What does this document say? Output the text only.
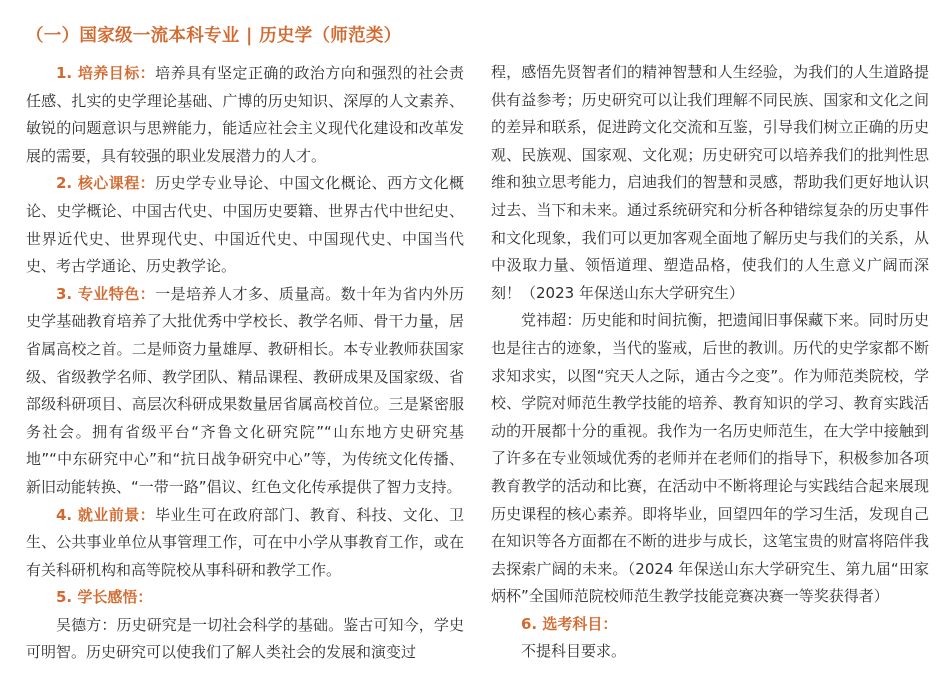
（一）国家级一流本科专业 | 历史学（师范类）

1. 培养目标：培养具有坚定正确的政治方向和强烈的社会责任感、扎实的史学理论基础、广博的历史知识、深厚的人文素养、敏锐的问题意识与思辨能力，能适应社会主义现代化建设和改革发展的需要，具有较强的职业发展潜力的人才。

2. 核心课程：历史学专业导论、中国文化概论、西方文化概论、史学概论、中国古代史、中国历史要籍、世界古代中世纪史、世界近代史、世界现代史、中国近代史、中国现代史、中国当代史、考古学通论、历史教学论。

3. 专业特色：一是培养人才多、质量高。数十年为省内外历史学基础教育培养了大批优秀中学校长、教学名师、骨干力量，居省属高校之首。二是师资力量雄厚、教研相长。本专业教师获国家级、省级教学名师、教学团队、精品课程、教研成果及国家级、省部级科研项目、高层次科研成果数量居省属高校首位。三是紧密服务社会。拥有省级平台“齐鲁文化研究院”“山东地方史研究基地”“中东研究中心”和“抗日战争研究中心”等，为传统文化传播、新旧动能转换、“一带一路”倡议、红色文化传承提供了智力支持。

4. 就业前景：毕业生可在政府部门、教育、科技、文化、卫生、公共事业单位从事管理工作，可在中小学从事教育工作，或在有关科研机构和高等院校从事科研和教学工作。

5. 学长感悟：

吴德方：历史研究是一切社会科学的基础。鉴古可知今，学史可明智。历史研究可以使我们了解人类社会的发展和演变过

程，感悟先贤智者们的精神智慧和人生经验，为我们的人生道路提供有益参考；历史研究可以让我们理解不同民族、国家和文化之间的差异和联系，促进跨文化交流和互鉴，引导我们树立正确的历史观、民族观、国家观、文化观；历史研究可以培养我们的批判性思维和独立思考能力，启迪我们的智慧和灵感，帮助我们更好地认识过去、当下和未来。通过系统研究和分析各种错综复杂的历史事件和文化现象，我们可以更加客观全面地了解历史与我们的关系，从中汲取力量、领悟道理、塑造品格，使我们的人生意义广阔而深刻！（2023 年保送山东大学研究生）

党祎超：历史能和时间抗衡，把遗闻旧事保藏下来。同时历史也是往古的迹象，当代的鉴戒，后世的教训。历代的史学家都不断求知求实，以图“究天人之际，通古今之变”。作为师范类院校，学校、学院对师范生教学技能的培养、教育知识的学习、教育实践活动的开展都十分的重视。我作为一名历史师范生，在大学中接触到了许多在专业领域优秀的老师并在老师们的指导下，积极参加各项教育教学的活动和比赛，在活动中不断将理论与实践结合起来展现历史课程的核心素养。即将毕业，回望四年的学习生活，发现自己在知识等各方面都在不断的进步与成长，这笔宝贵的财富将陪伴我去探索广阔的未来。（2024 年保送山东大学研究生、第九届“田家炳杯”全国师范院校师范生教学技能竞赛决赛一等奖获得者）

6. 选考科目：

不提科目要求。
